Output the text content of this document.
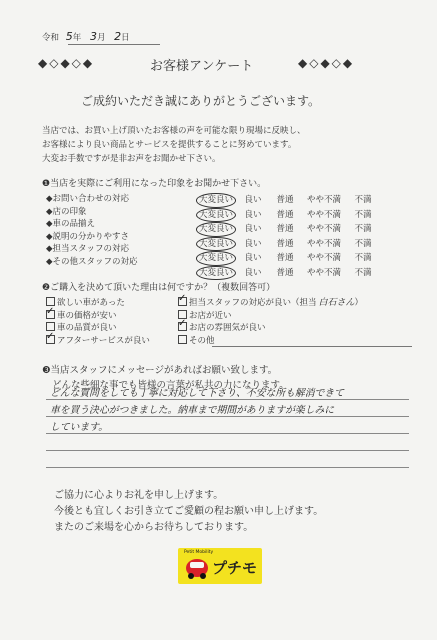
令和 5年 3月 2日
◆◇◆◇◆	お客様アンケート	◆◇◆◇◆
ご成約いただき誠にありがとうございます。
当店では、お買い上げ頂いたお客様の声を可能な限り現場に反映し、
お客様により良い商品とサービスを提供することに努めています。
大変お手数ですが是非お声をお聞かせ下さい。
❶当店を実際にご利用になった印象をお聞かせ下さい。
◆お問い合わせの対応
◆店の印象
◆車の品揃え
◆説明の分かりやすさ
◆担当スタッフの対応
◆その他スタッフの対応
大変良い 良い 普通 やや不満 不満
大変良い 良い 普通 やや不満 不満
大変良い 良い 普通 やや不満 不満
大変良い 良い 普通 やや不満 不満
大変良い 良い 普通 やや不満 不満
大変良い 良い 普通 やや不満 不満
❷ご購入を決めて頂いた理由は何ですか？（複数回答可）
欲しい車があった
✓車の価格が安い
車の品質が良い
✓アフターサービスが良い
✓担当スタッフの対応が良い（担当 白石さん）
お店が近い
✓お店の雰囲気が良い
その他
❸当店スタッフにメッセージがあればお願い致します。
どんな些細な事でも皆様の言葉が私共の力になります。
どんな質問をしても丁寧に対応して下さり、不安な所も解消できて
車を買う決心がつきました。納車まで期間がありますが楽しみに
しています。
ご協力に心よりお礼を申し上げます。
今後とも宜しくお引き立てご愛顧の程お願い申し上げます。
またのご来場を心からお待ちしております。
Petit Mobility
プチモ
